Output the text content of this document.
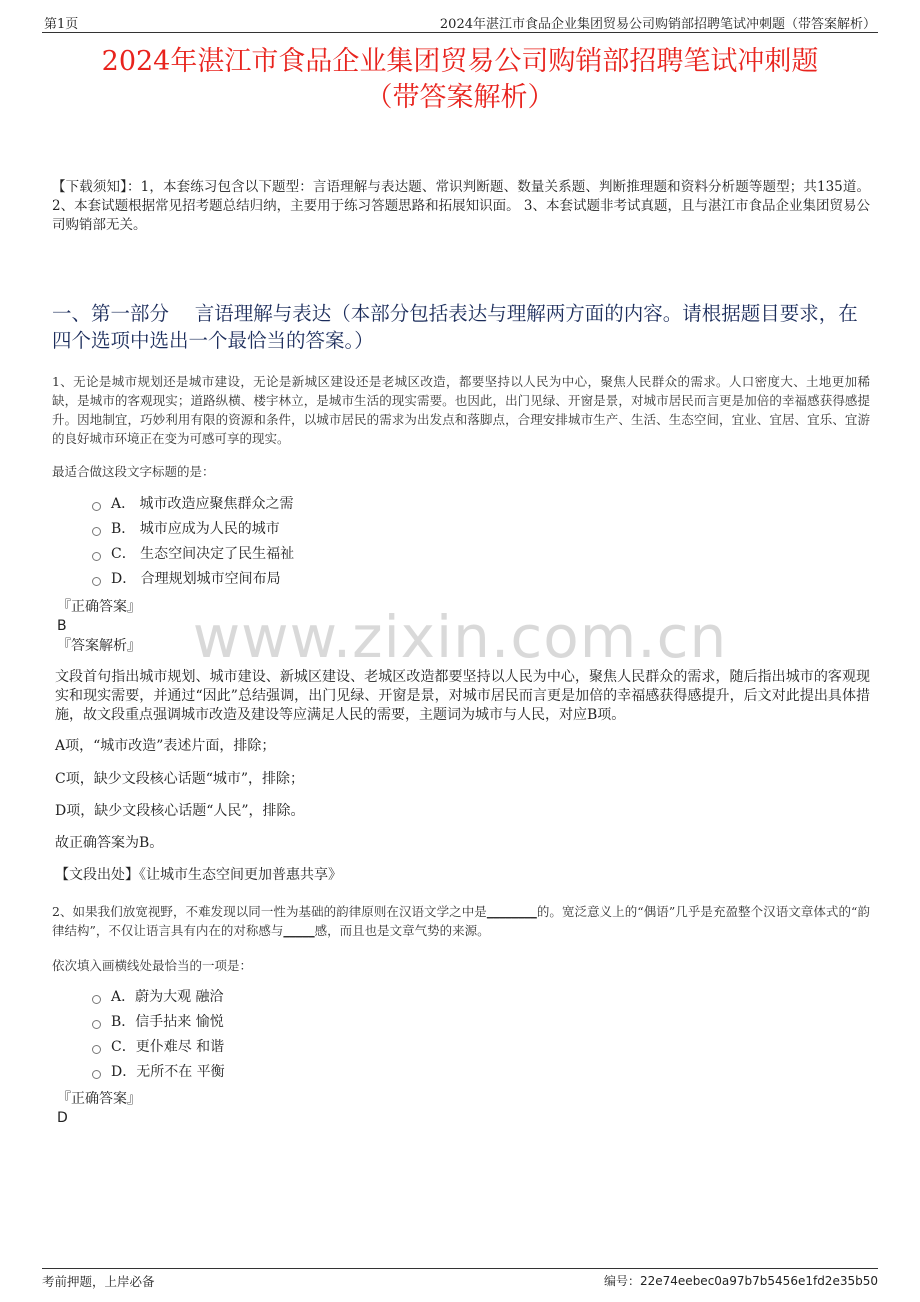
第1页	2024年湛江市食品企业集团贸易公司购销部招聘笔试冲刺题（带答案解析）
2024年湛江市食品企业集团贸易公司购销部招聘笔试冲刺题
（带答案解析）
【下载须知】：1，本套练习包含以下题型：言语理解与表达题、常识判断题、数量关系题、判断推理题和资料分析题等题型；共135道。 2、本套试题根据常见招考题总结归纳，主要用于练习答题思路和拓展知识面。 3、本套试题非考试真题，且与湛江市食品企业集团贸易公司购销部无关。
一、第一部分　 言语理解与表达（本部分包括表达与理解两方面的内容。请根据题目要求，在四个选项中选出一个最恰当的答案。）
1、无论是城市规划还是城市建设，无论是新城区建设还是老城区改造，都要坚持以人民为中心，聚焦人民群众的需求。人口密度大、土地更加稀缺，是城市的客观现实；道路纵横、楼宇林立，是城市生活的现实需要。也因此，出门见绿、开窗是景，对城市居民而言更是加倍的幸福感获得感提升。因地制宜，巧妙利用有限的资源和条件，以城市居民的需求为出发点和落脚点，合理安排城市生产、生活、生态空间，宜业、宜居、宜乐、宜游的良好城市环境正在变为可感可享的现实。
最适合做这段文字标题的是：
A． 城市改造应聚焦群众之需
B． 城市应成为人民的城市
C． 生态空间决定了民生福祉
D． 合理规划城市空间布局
www.zixin.com.cn
『正确答案』
B
『答案解析』
文段首句指出城市规划、城市建设、新城区建设、老城区改造都要坚持以人民为中心，聚焦人民群众的需求，随后指出城市的客观现实和现实需要，并通过“因此”总结强调，出门见绿、开窗是景，对城市居民而言更是加倍的幸福感获得感提升，后文对此提出具体措施，故文段重点强调城市改造及建设等应满足人民的需要，主题词为城市与人民，对应B项。
A项，“城市改造”表述片面，排除；
C项，缺少文段核心话题“城市”，排除；
D项，缺少文段核心话题“人民”，排除。
故正确答案为B。
【文段出处】《让城市生态空间更加普惠共享》
2、如果我们放宽视野，不难发现以同一性为基础的韵律原则在汉语文学之中是________的。宽泛意义上的“偶语”几乎是充盈整个汉语文章体式的“韵律结构”，不仅让语言具有内在的对称感与_____感，而且也是文章气势的来源。
依次填入画横线处最恰当的一项是：
A．蔚为大观 融洽
B．信手拈来 愉悦
C．更仆难尽 和谐
D．无所不在 平衡
『正确答案』
D
考前押题，上岸必备	编号：22e74eebec0a97b7b5456e1fd2e35b50
